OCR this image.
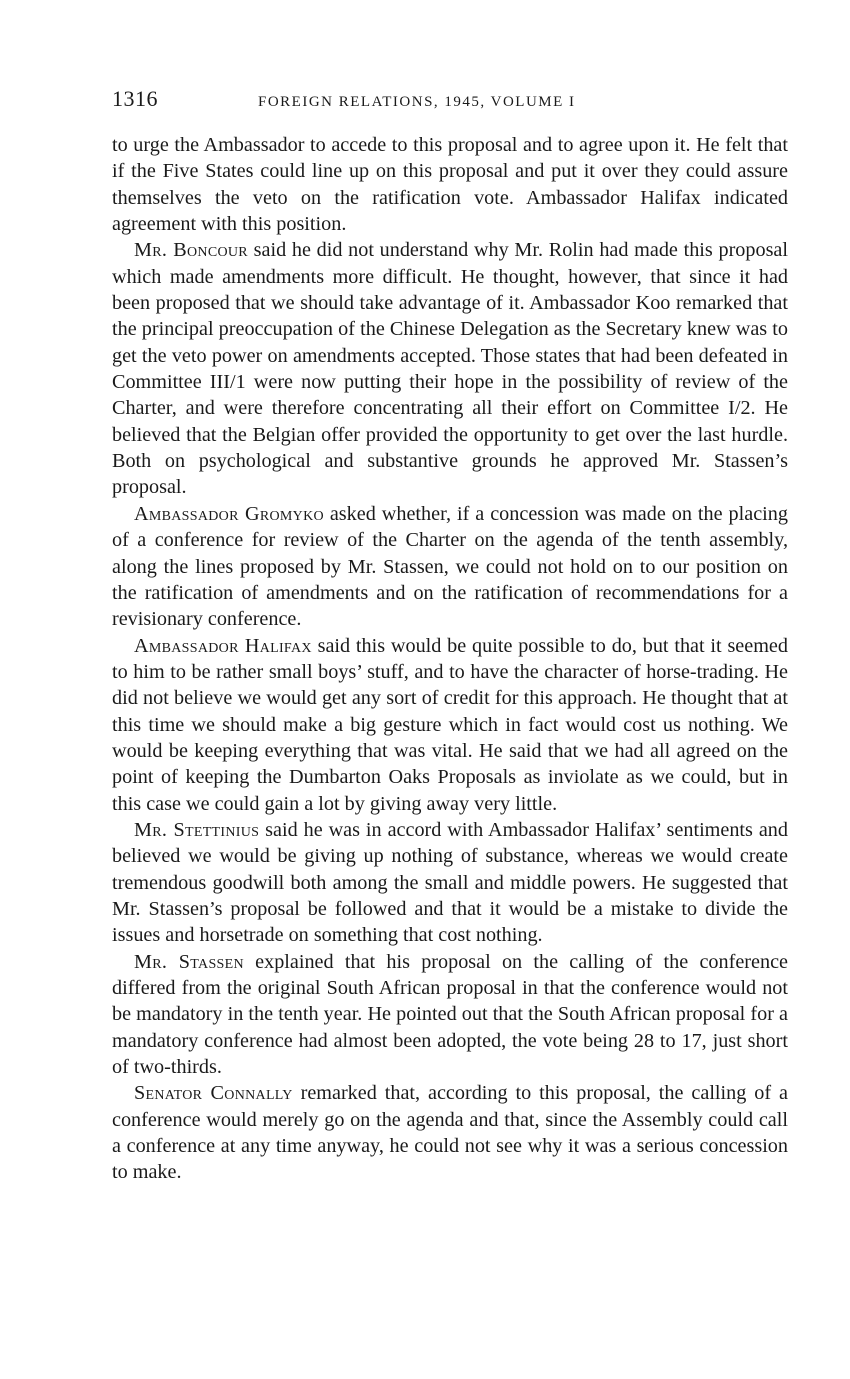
1316	FOREIGN RELATIONS, 1945, VOLUME I

to urge the Ambassador to accede to this proposal and to agree upon it. He felt that if the Five States could line up on this proposal and put it over they could assure themselves the veto on the ratification vote. Ambassador Halifax indicated agreement with this position.

Mr. Boncour said he did not understand why Mr. Rolin had made this proposal which made amendments more difficult. He thought, however, that since it had been proposed that we should take advantage of it. Ambassador Koo remarked that the principal preoccupation of the Chinese Delegation as the Secretary knew was to get the veto power on amendments accepted. Those states that had been defeated in Committee III/1 were now putting their hope in the possibility of review of the Charter, and were therefore concentrating all their effort on Committee I/2. He believed that the Belgian offer provided the opportunity to get over the last hurdle. Both on psychological and substantive grounds he approved Mr. Stassen’s proposal.

Ambassador Gromyko asked whether, if a concession was made on the placing of a conference for review of the Charter on the agenda of the tenth assembly, along the lines proposed by Mr. Stassen, we could not hold on to our position on the ratification of amendments and on the ratification of recommendations for a revisionary conference.

Ambassador Halifax said this would be quite possible to do, but that it seemed to him to be rather small boys’ stuff, and to have the character of horse-trading. He did not believe we would get any sort of credit for this approach. He thought that at this time we should make a big gesture which in fact would cost us nothing. We would be keeping everything that was vital. He said that we had all agreed on the point of keeping the Dumbarton Oaks Proposals as inviolate as we could, but in this case we could gain a lot by giving away very little.

Mr. Stettinius said he was in accord with Ambassador Halifax’ sentiments and believed we would be giving up nothing of substance, whereas we would create tremendous goodwill both among the small and middle powers. He suggested that Mr. Stassen’s proposal be followed and that it would be a mistake to divide the issues and horsetrade on something that cost nothing.

Mr. Stassen explained that his proposal on the calling of the conference differed from the original South African proposal in that the conference would not be mandatory in the tenth year. He pointed out that the South African proposal for a mandatory conference had almost been adopted, the vote being 28 to 17, just short of two-thirds.

Senator Connally remarked that, according to this proposal, the calling of a conference would merely go on the agenda and that, since the Assembly could call a conference at any time anyway, he could not see why it was a serious concession to make.
